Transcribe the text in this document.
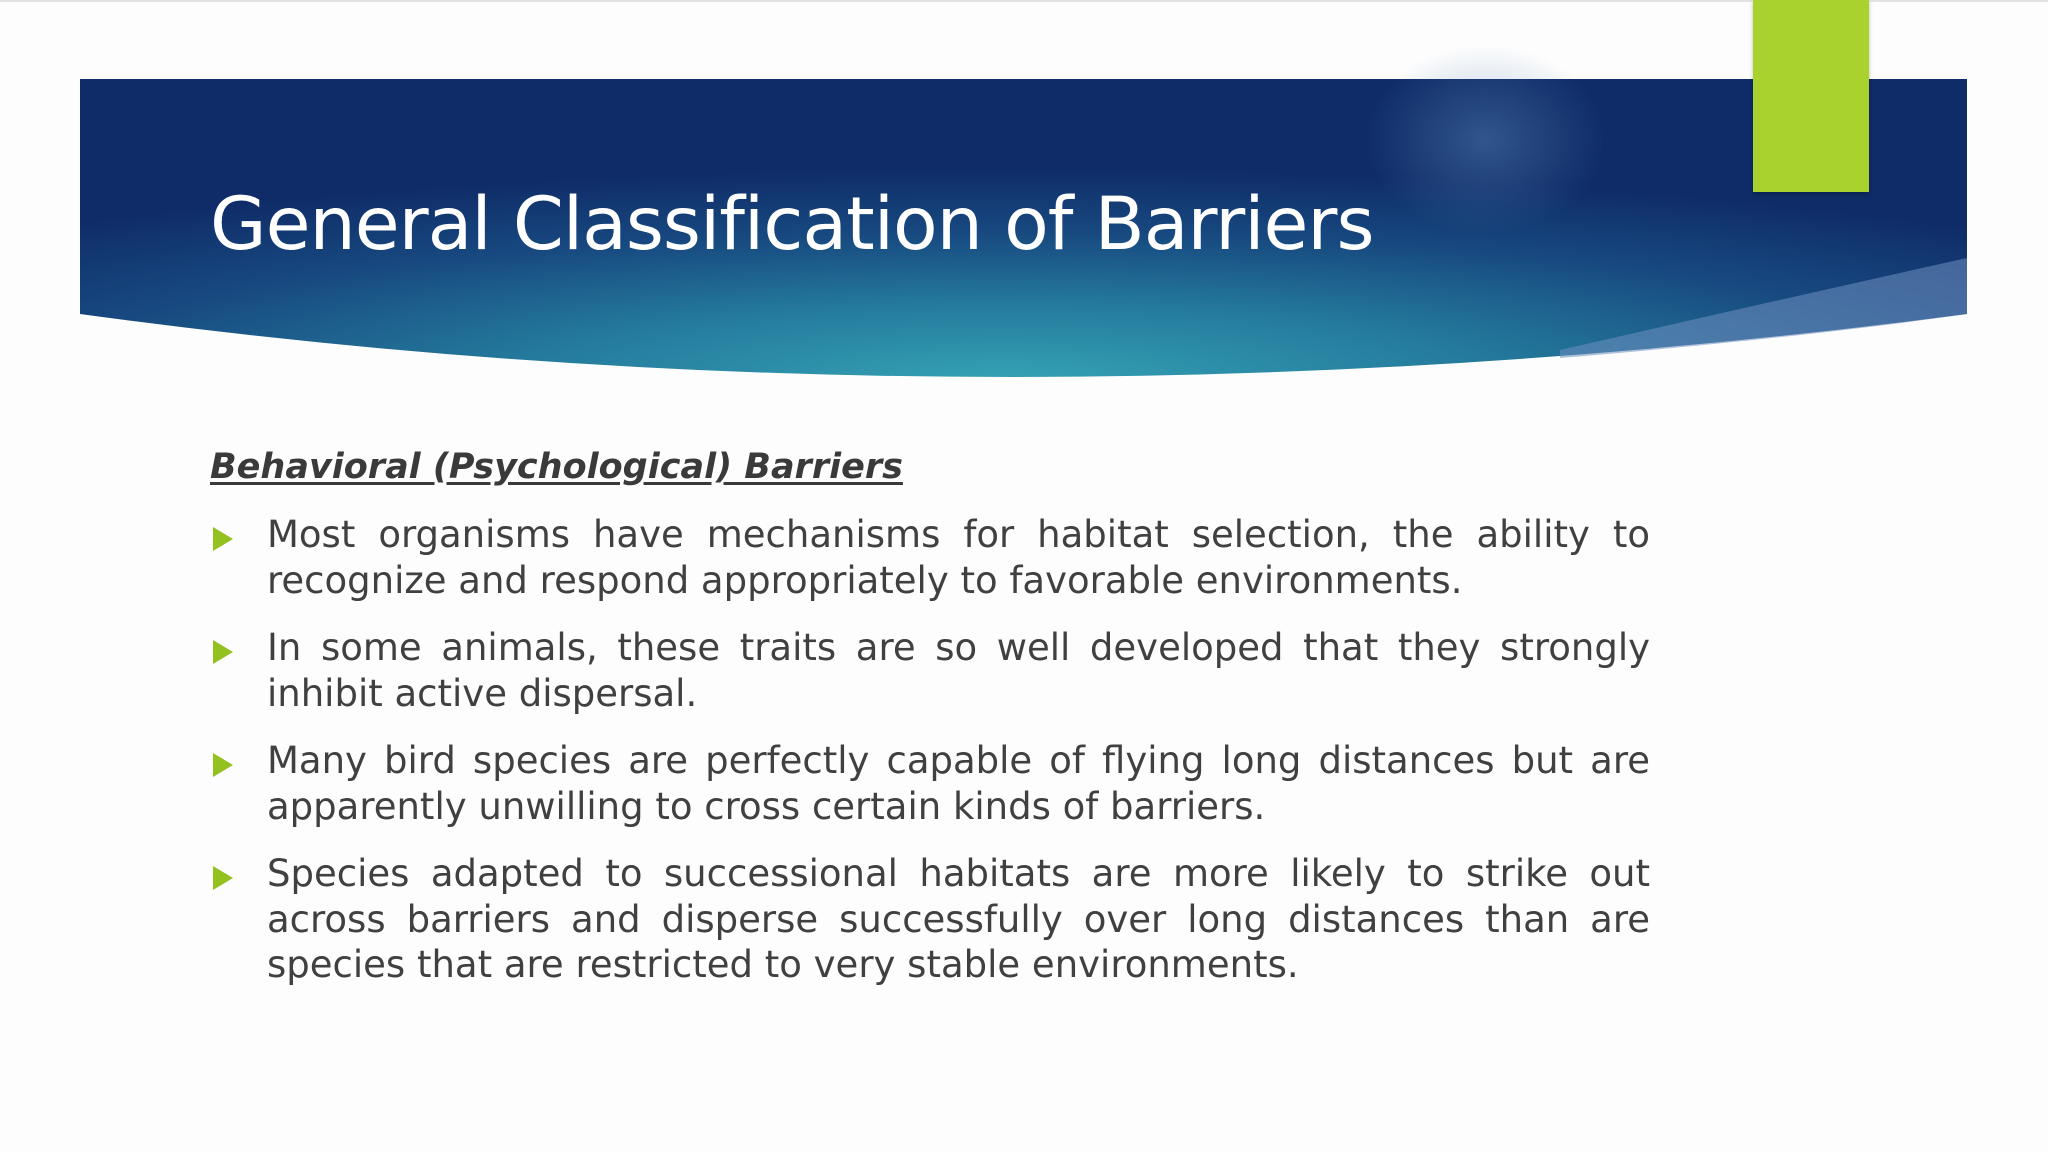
General Classification of Barriers
Behavioral (Psychological) Barriers
Most organisms have mechanisms for habitat selection, the ability to recognize and respond appropriately to favorable environments.
In some animals, these traits are so well developed that they strongly inhibit active dispersal.
Many bird species are perfectly capable of flying long distances but are apparently unwilling to cross certain kinds of barriers.
Species adapted to successional habitats are more likely to strike out across barriers and disperse successfully over long distances than are species that are restricted to very stable environments.
